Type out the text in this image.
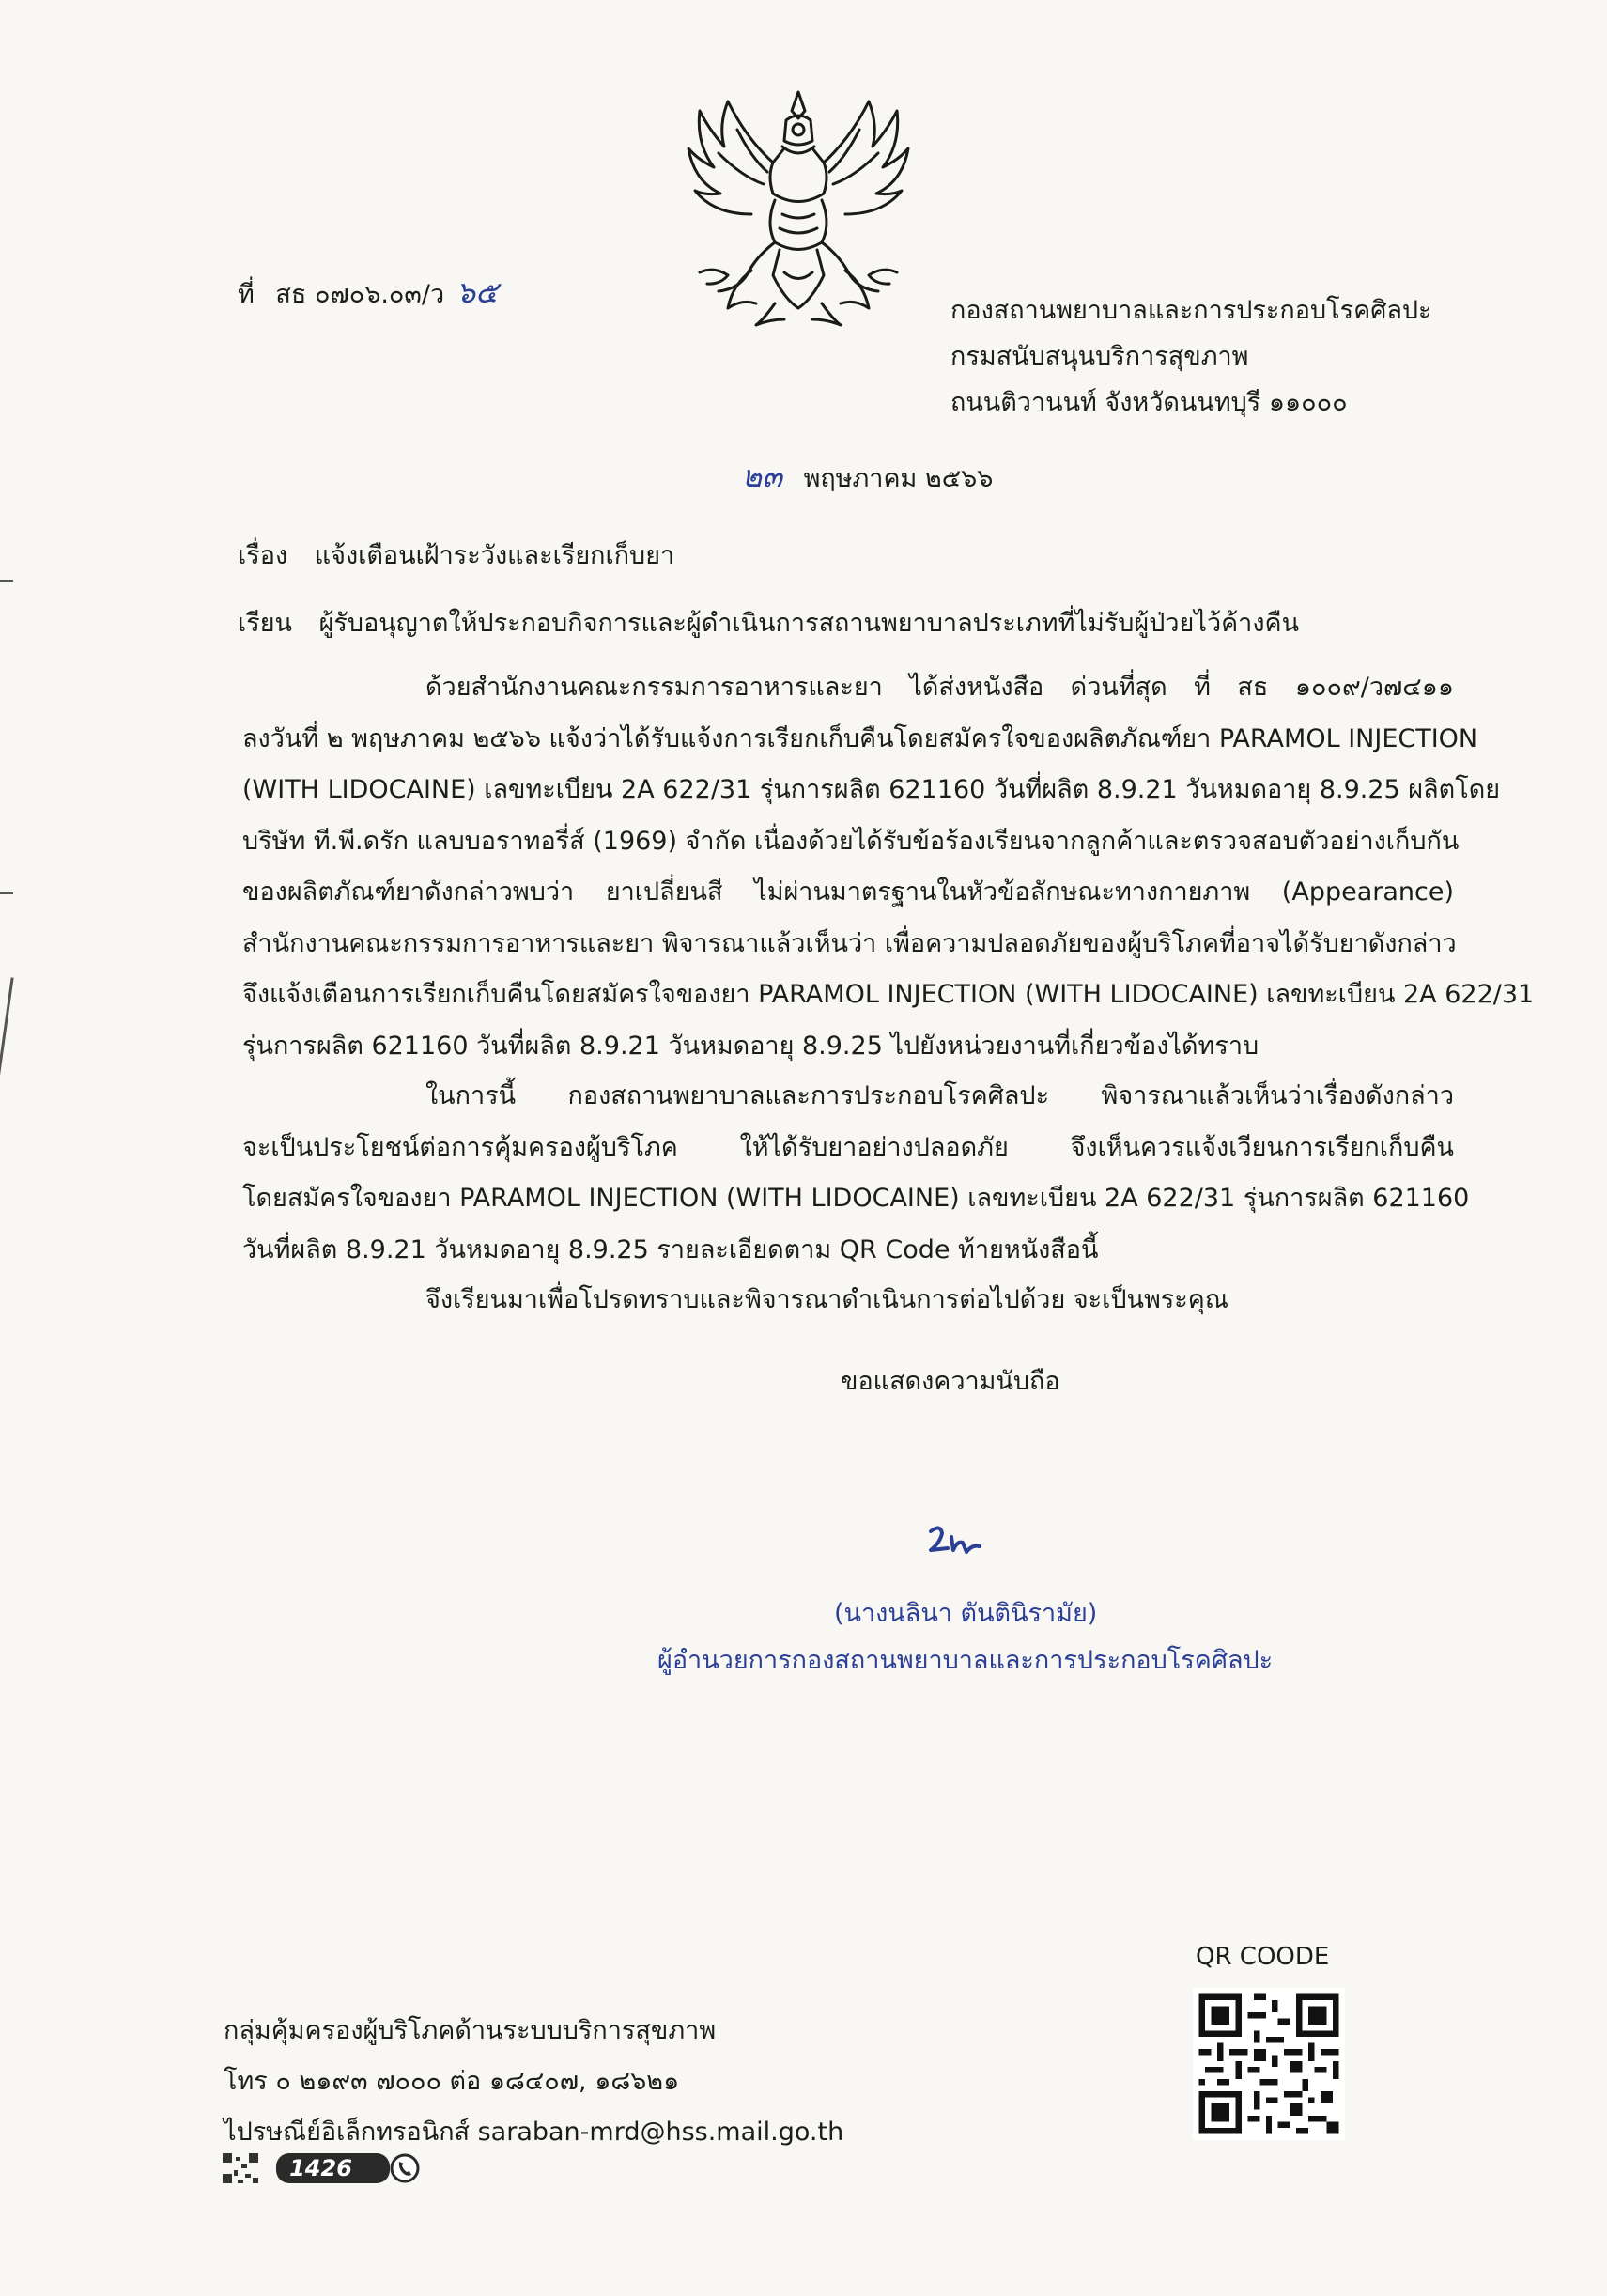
ที่ สธ ๐๗๐๖.๐๓/ว ๖๕
กองสถานพยาบาลและการประกอบโรคศิลปะ
กรมสนับสนุนบริการสุขภาพ
ถนนติวานนท์ จังหวัดนนทบุรี ๑๑๐๐๐
๒๓ พฤษภาคม ๒๕๖๖
เรื่อง แจ้งเตือนเฝ้าระวังและเรียกเก็บยา
เรียน ผู้รับอนุญาตให้ประกอบกิจการและผู้ดำเนินการสถานพยาบาลประเภทที่ไม่รับผู้ป่วยไว้ค้างคืน
ด้วยสำนักงานคณะกรรมการอาหารและยา ได้ส่งหนังสือ ด่วนที่สุด ที่ สธ ๑๐๐๙/ว๗๔๑๑
ลงวันที่ ๒ พฤษภาคม ๒๕๖๖ แจ้งว่าได้รับแจ้งการเรียกเก็บคืนโดยสมัครใจของผลิตภัณฑ์ยา PARAMOL INJECTION
(WITH LIDOCAINE) เลขทะเบียน 2A 622/31 รุ่นการผลิต 621160 วันที่ผลิต 8.9.21 วันหมดอายุ 8.9.25 ผลิตโดย
บริษัท ที.พี.ดรัก แลบบอราทอรี่ส์ (1969) จำกัด เนื่องด้วยได้รับข้อร้องเรียนจากลูกค้าและตรวจสอบตัวอย่างเก็บกัน
ของผลิตภัณฑ์ยาดังกล่าวพบว่า ยาเปลี่ยนสี ไม่ผ่านมาตรฐานในหัวข้อลักษณะทางกายภาพ (Appearance)
สำนักงานคณะกรรมการอาหารและยา พิจารณาแล้วเห็นว่า เพื่อความปลอดภัยของผู้บริโภคที่อาจได้รับยาดังกล่าว
จึงแจ้งเตือนการเรียกเก็บคืนโดยสมัครใจของยา PARAMOL INJECTION (WITH LIDOCAINE) เลขทะเบียน 2A 622/31
รุ่นการผลิต 621160 วันที่ผลิต 8.9.21 วันหมดอายุ 8.9.25 ไปยังหน่วยงานที่เกี่ยวข้องได้ทราบ
ในการนี้ กองสถานพยาบาลและการประกอบโรคศิลปะ พิจารณาแล้วเห็นว่าเรื่องดังกล่าว
จะเป็นประโยชน์ต่อการคุ้มครองผู้บริโภค ให้ได้รับยาอย่างปลอดภัย จึงเห็นควรแจ้งเวียนการเรียกเก็บคืน
โดยสมัครใจของยา PARAMOL INJECTION (WITH LIDOCAINE) เลขทะเบียน 2A 622/31 รุ่นการผลิต 621160
วันที่ผลิต 8.9.21 วันหมดอายุ 8.9.25 รายละเอียดตาม QR Code ท้ายหนังสือนี้
จึงเรียนมาเพื่อโปรดทราบและพิจารณาดำเนินการต่อไปด้วย จะเป็นพระคุณ
ขอแสดงความนับถือ
(นางนลินา ตันตินิรามัย)
ผู้อำนวยการกองสถานพยาบาลและการประกอบโรคศิลปะ
QR COODE
กลุ่มคุ้มครองผู้บริโภคด้านระบบบริการสุขภาพ
โทร ๐ ๒๑๙๓ ๗๐๐๐ ต่อ ๑๘๔๐๗, ๑๘๖๒๑
ไปรษณีย์อิเล็กทรอนิกส์ saraban-mrd@hss.mail.go.th
1426
